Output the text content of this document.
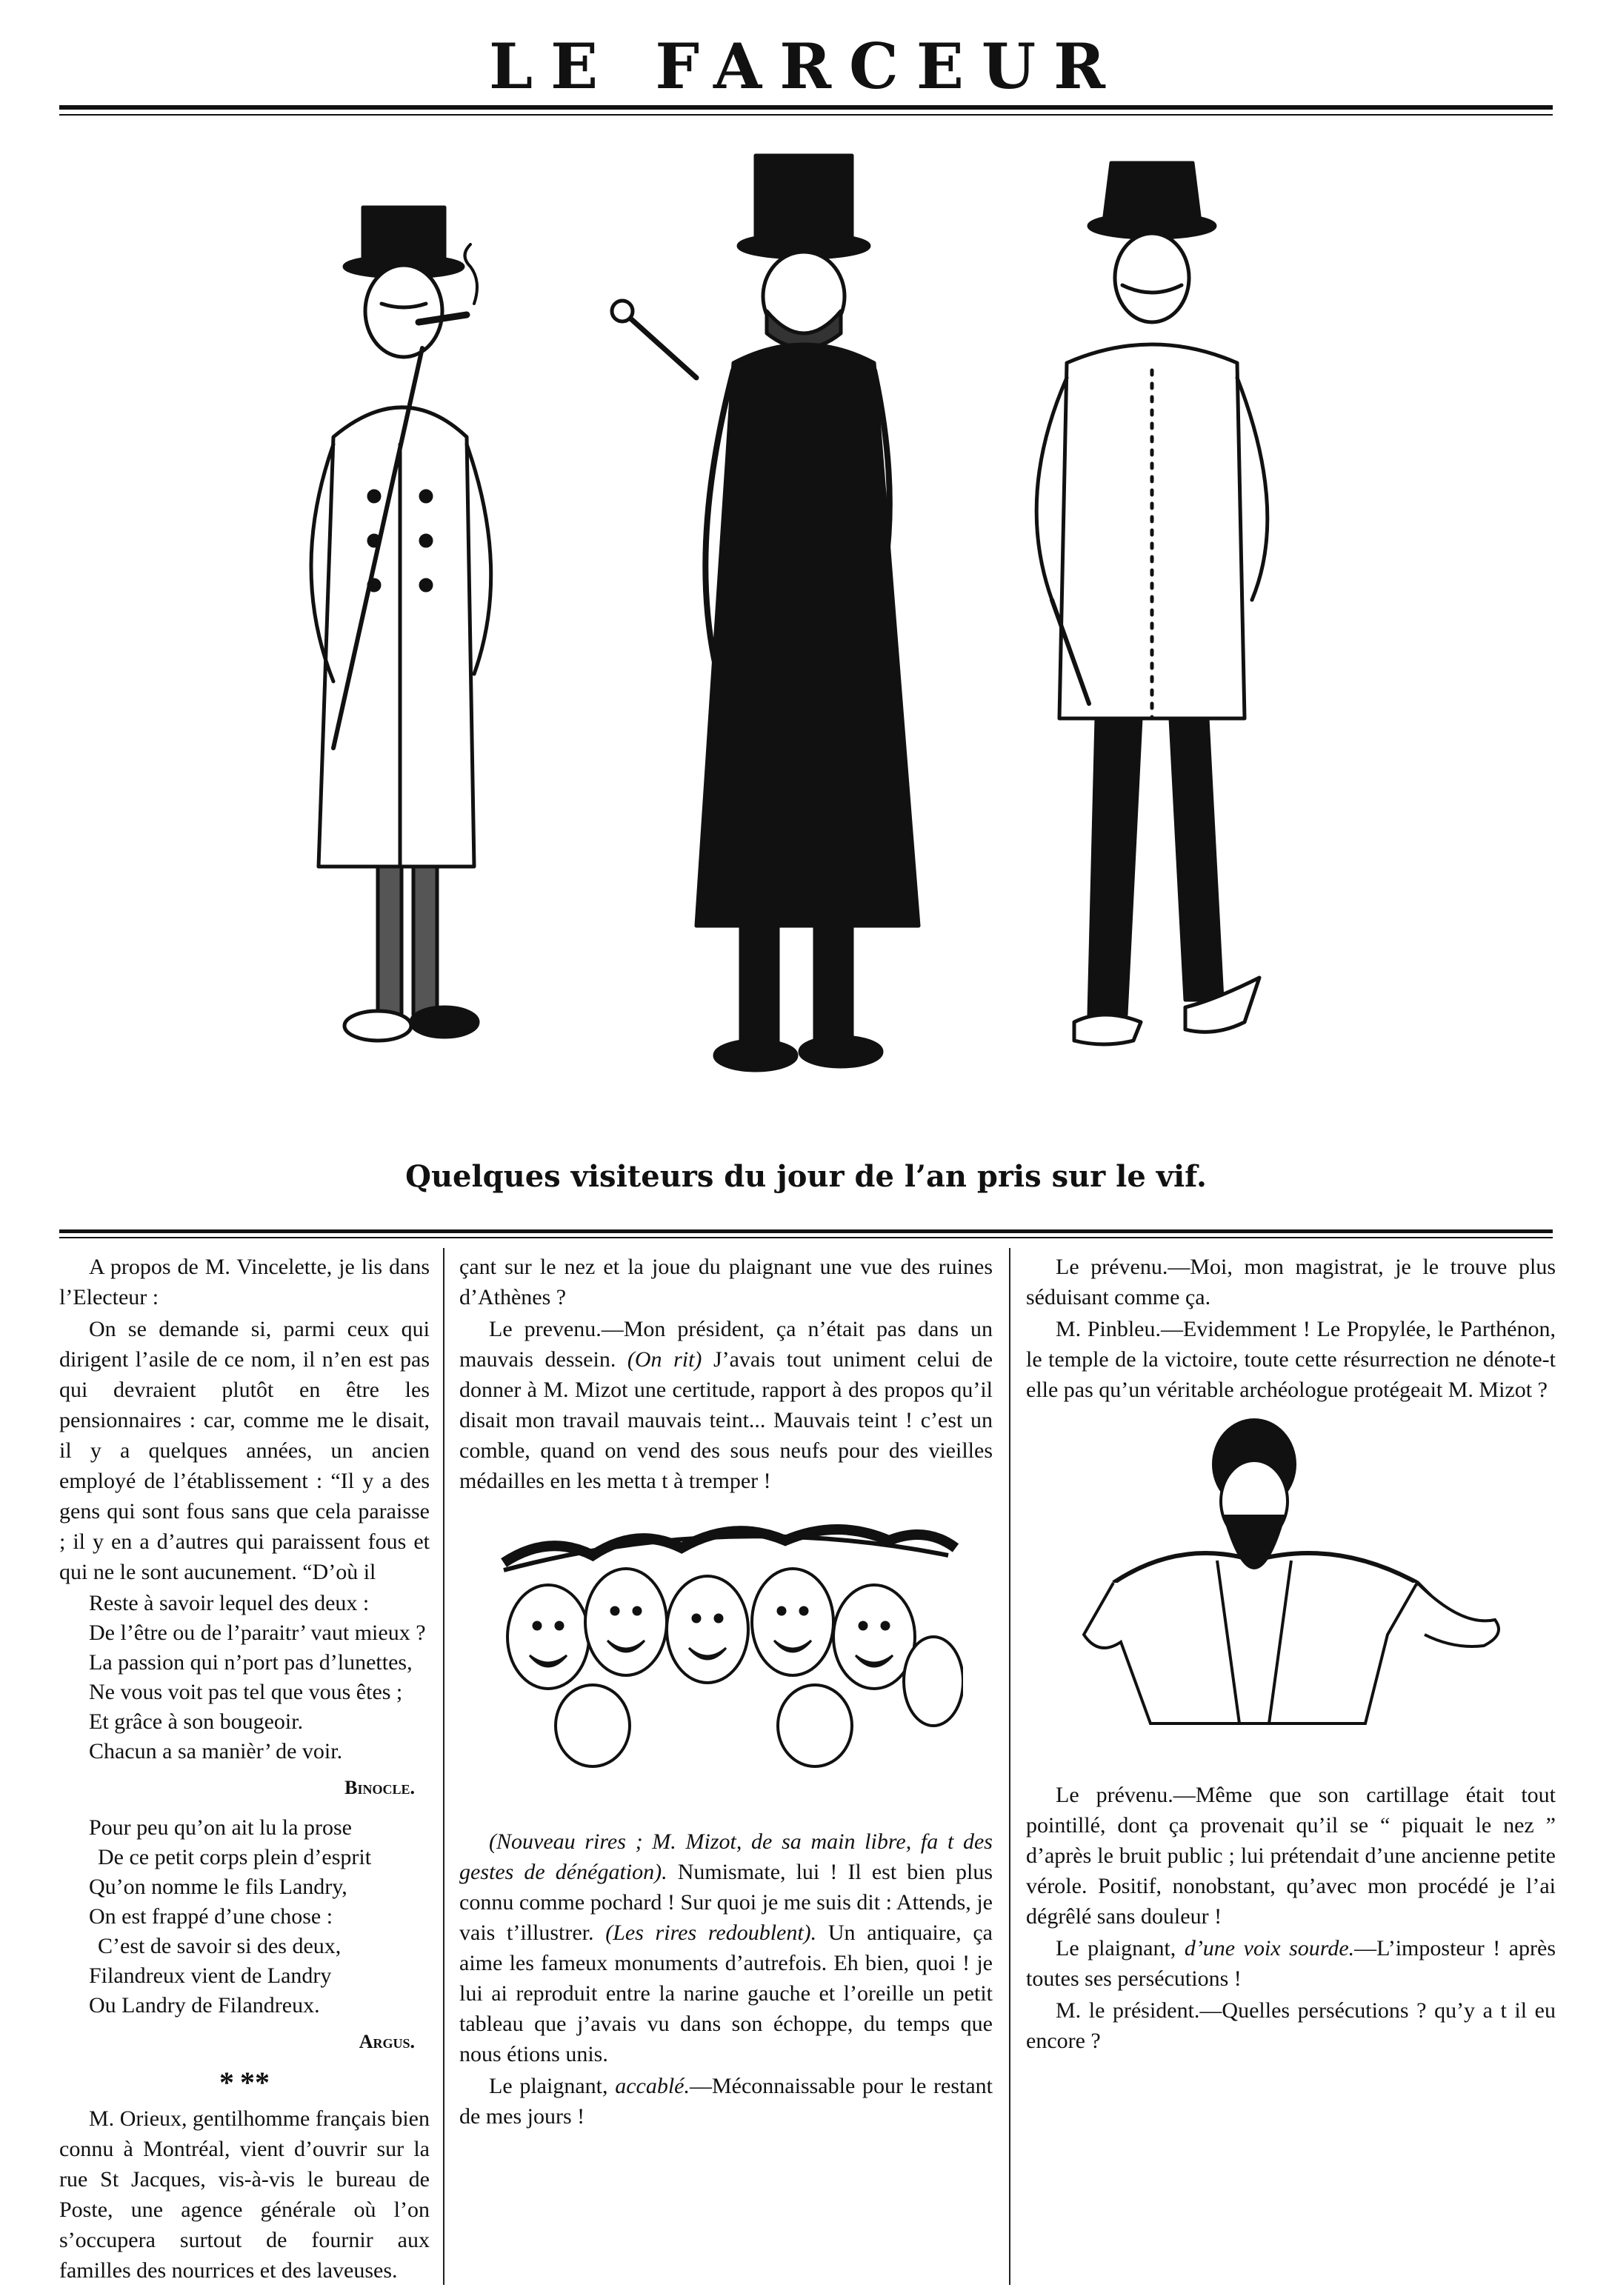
LE FARCEUR
Quelques visiteurs du jour de l’an pris sur le vif.

A propos de M. Vincelette, je lis dans l’Electeur :

On se demande si, parmi ceux qui dirigent l’asile de ce nom, il n’en est pas qui devraient plutôt en être les pensionnaires : car, comme me le disait, il y a quelques années, un ancien employé de l’établissement : “Il y a des gens qui sont fous sans que cela paraisse ; il y en a d’autres qui paraissent fous et qui ne le sont aucunement. “D’où il

Reste à savoir lequel des deux :
De l’être ou de l’paraitr’ vaut mieux ?
La passion qui n’port pas d’lunettes,
Ne vous voit pas tel que vous êtes ;
Et grâce à son bougeoir.
Chacun a sa manièr’ de voir.
Binocle.
Pour peu qu’on ait lu la prose
De ce petit corps plein d’esprit
Qu’on nomme le fils Landry,
On est frappé d’une chose :
C’est de savoir si des deux,
Filandreux vient de Landry
Ou Landry de Filandreux.
Argus.
* **

M. Orieux, gentilhomme français bien connu à Montréal, vient d’ouvrir sur la rue St Jacques, vis-à-vis le bureau de Poste, une agence générale où l’on s’occupera surtout de fournir aux familles des nourrices et des laveuses.

çant sur le nez et la joue du plaignant une vue des ruines d’Athènes ?

Le prevenu.—Mon président, ça n’était pas dans un mauvais dessein. (On rit) J’avais tout uniment celui de donner à M. Mizot une certitude, rapport à des propos qu’il disait mon travail mauvais teint... Mauvais teint ! c’est un comble, quand on vend des sous neufs pour des vieilles médailles en les metta t à tremper !

(Nouveau rires ; M. Mizot, de sa main libre, fa t des gestes de dénégation). Numismate, lui ! Il est bien plus connu comme pochard ! Sur quoi je me suis dit : Attends, je vais t’illustrer. (Les rires redoublent). Un antiquaire, ça aime les fameux monuments d’autrefois. Eh bien, quoi ! je lui ai reproduit entre la narine gauche et l’oreille un petit tableau que j’avais vu dans son échoppe, du temps que nous étions unis.

Le plaignant, accablé.—Méconnaissable pour le restant de mes jours !

Le prévenu.—Moi, mon magistrat, je le trouve plus séduisant comme ça.

M. Pinbleu.—Evidemment ! Le Propylée, le Parthénon, le temple de la victoire, toute cette résurrection ne dénote-t elle pas qu’un véritable archéologue protégeait M. Mizot ?

Le prévenu.—Même que son cartillage était tout pointillé, dont ça provenait qu’il se “ piquait le nez ” d’après le bruit public ; lui prétendait d’une ancienne petite vérole. Positif, nonobstant, qu’avec mon procédé je l’ai dégrêlé sans douleur !

Le plaignant, d’une voix sourde.—L’imposteur ! après toutes ses persécutions !

M. le président.—Quelles persécutions ? qu’y a t il eu encore ?
